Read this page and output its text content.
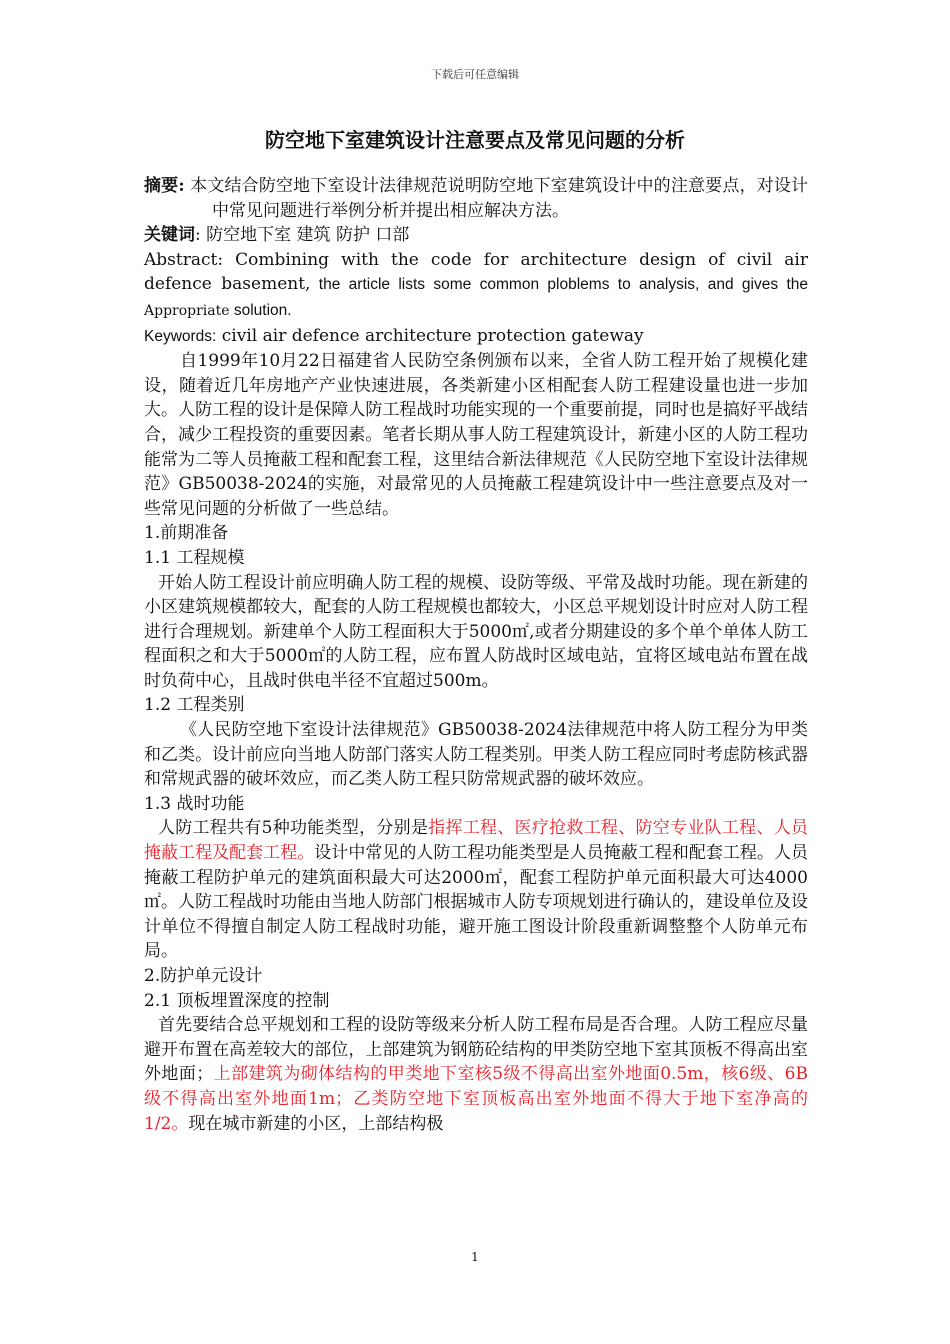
下载后可任意编辑
防空地下室建筑设计注意要点及常见问题的分析

摘要: 本文结合防空地下室设计法律规范说明防空地下室建筑设计中的注意要点，对设计中常见问题进行举例分析并提出相应解决方法。

关键词: 防空地下室 建筑 防护 口部

Abstract: Combining with the code for architecture design of civil air defence basement, the article lists some common ploblems to analysis, and gives the Appropriate solution.

Keywords: civil air defence architecture protection gateway

自1999年10月22日福建省人民防空条例颁布以来，全省人防工程开始了规模化建设，随着近几年房地产产业快速进展，各类新建小区相配套人防工程建设量也进一步加大。人防工程的设计是保障人防工程战时功能实现的一个重要前提，同时也是搞好平战结合，减少工程投资的重要因素。笔者长期从事人防工程建筑设计，新建小区的人防工程功能常为二等人员掩蔽工程和配套工程，这里结合新法律规范《人民防空地下室设计法律规范》GB50038-2024的实施，对最常见的人员掩蔽工程建筑设计中一些注意要点及对一些常见问题的分析做了一些总结。

1.前期准备

1.1 工程规模

开始人防工程设计前应明确人防工程的规模、设防等级、平常及战时功能。现在新建的小区建筑规模都较大，配套的人防工程规模也都较大，小区总平规划设计时应对人防工程进行合理规划。新建单个人防工程面积大于5000㎡,或者分期建设的多个单个单体人防工程面积之和大于5000㎡的人防工程，应布置人防战时区域电站，宜将区域电站布置在战时负荷中心，且战时供电半径不宜超过500m。

1.2 工程类别

《人民防空地下室设计法律规范》GB50038-2024法律规范中将人防工程分为甲类和乙类。设计前应向当地人防部门落实人防工程类别。甲类人防工程应同时考虑防核武器和常规武器的破坏效应，而乙类人防工程只防常规武器的破坏效应。

1.3 战时功能

人防工程共有5种功能类型，分别是指挥工程、医疗抢救工程、防空专业队工程、人员掩蔽工程及配套工程。设计中常见的人防工程功能类型是人员掩蔽工程和配套工程。人员掩蔽工程防护单元的建筑面积最大可达2000㎡，配套工程防护单元面积最大可达4000㎡。人防工程战时功能由当地人防部门根据城市人防专项规划进行确认的，建设单位及设计单位不得擅自制定人防工程战时功能，避开施工图设计阶段重新调整整个人防单元布局。

2.防护单元设计

2.1 顶板埋置深度的控制

首先要结合总平规划和工程的设防等级来分析人防工程布局是否合理。人防工程应尽量避开布置在高差较大的部位，上部建筑为钢筋砼结构的甲类防空地下室其顶板不得高出室外地面；上部建筑为砌体结构的甲类地下室核5级不得高出室外地面0.5m，核6级、6B级不得高出室外地面1m；乙类防空地下室顶板高出室外地面不得大于地下室净高的1/2。现在城市新建的小区，上部结构极

1
